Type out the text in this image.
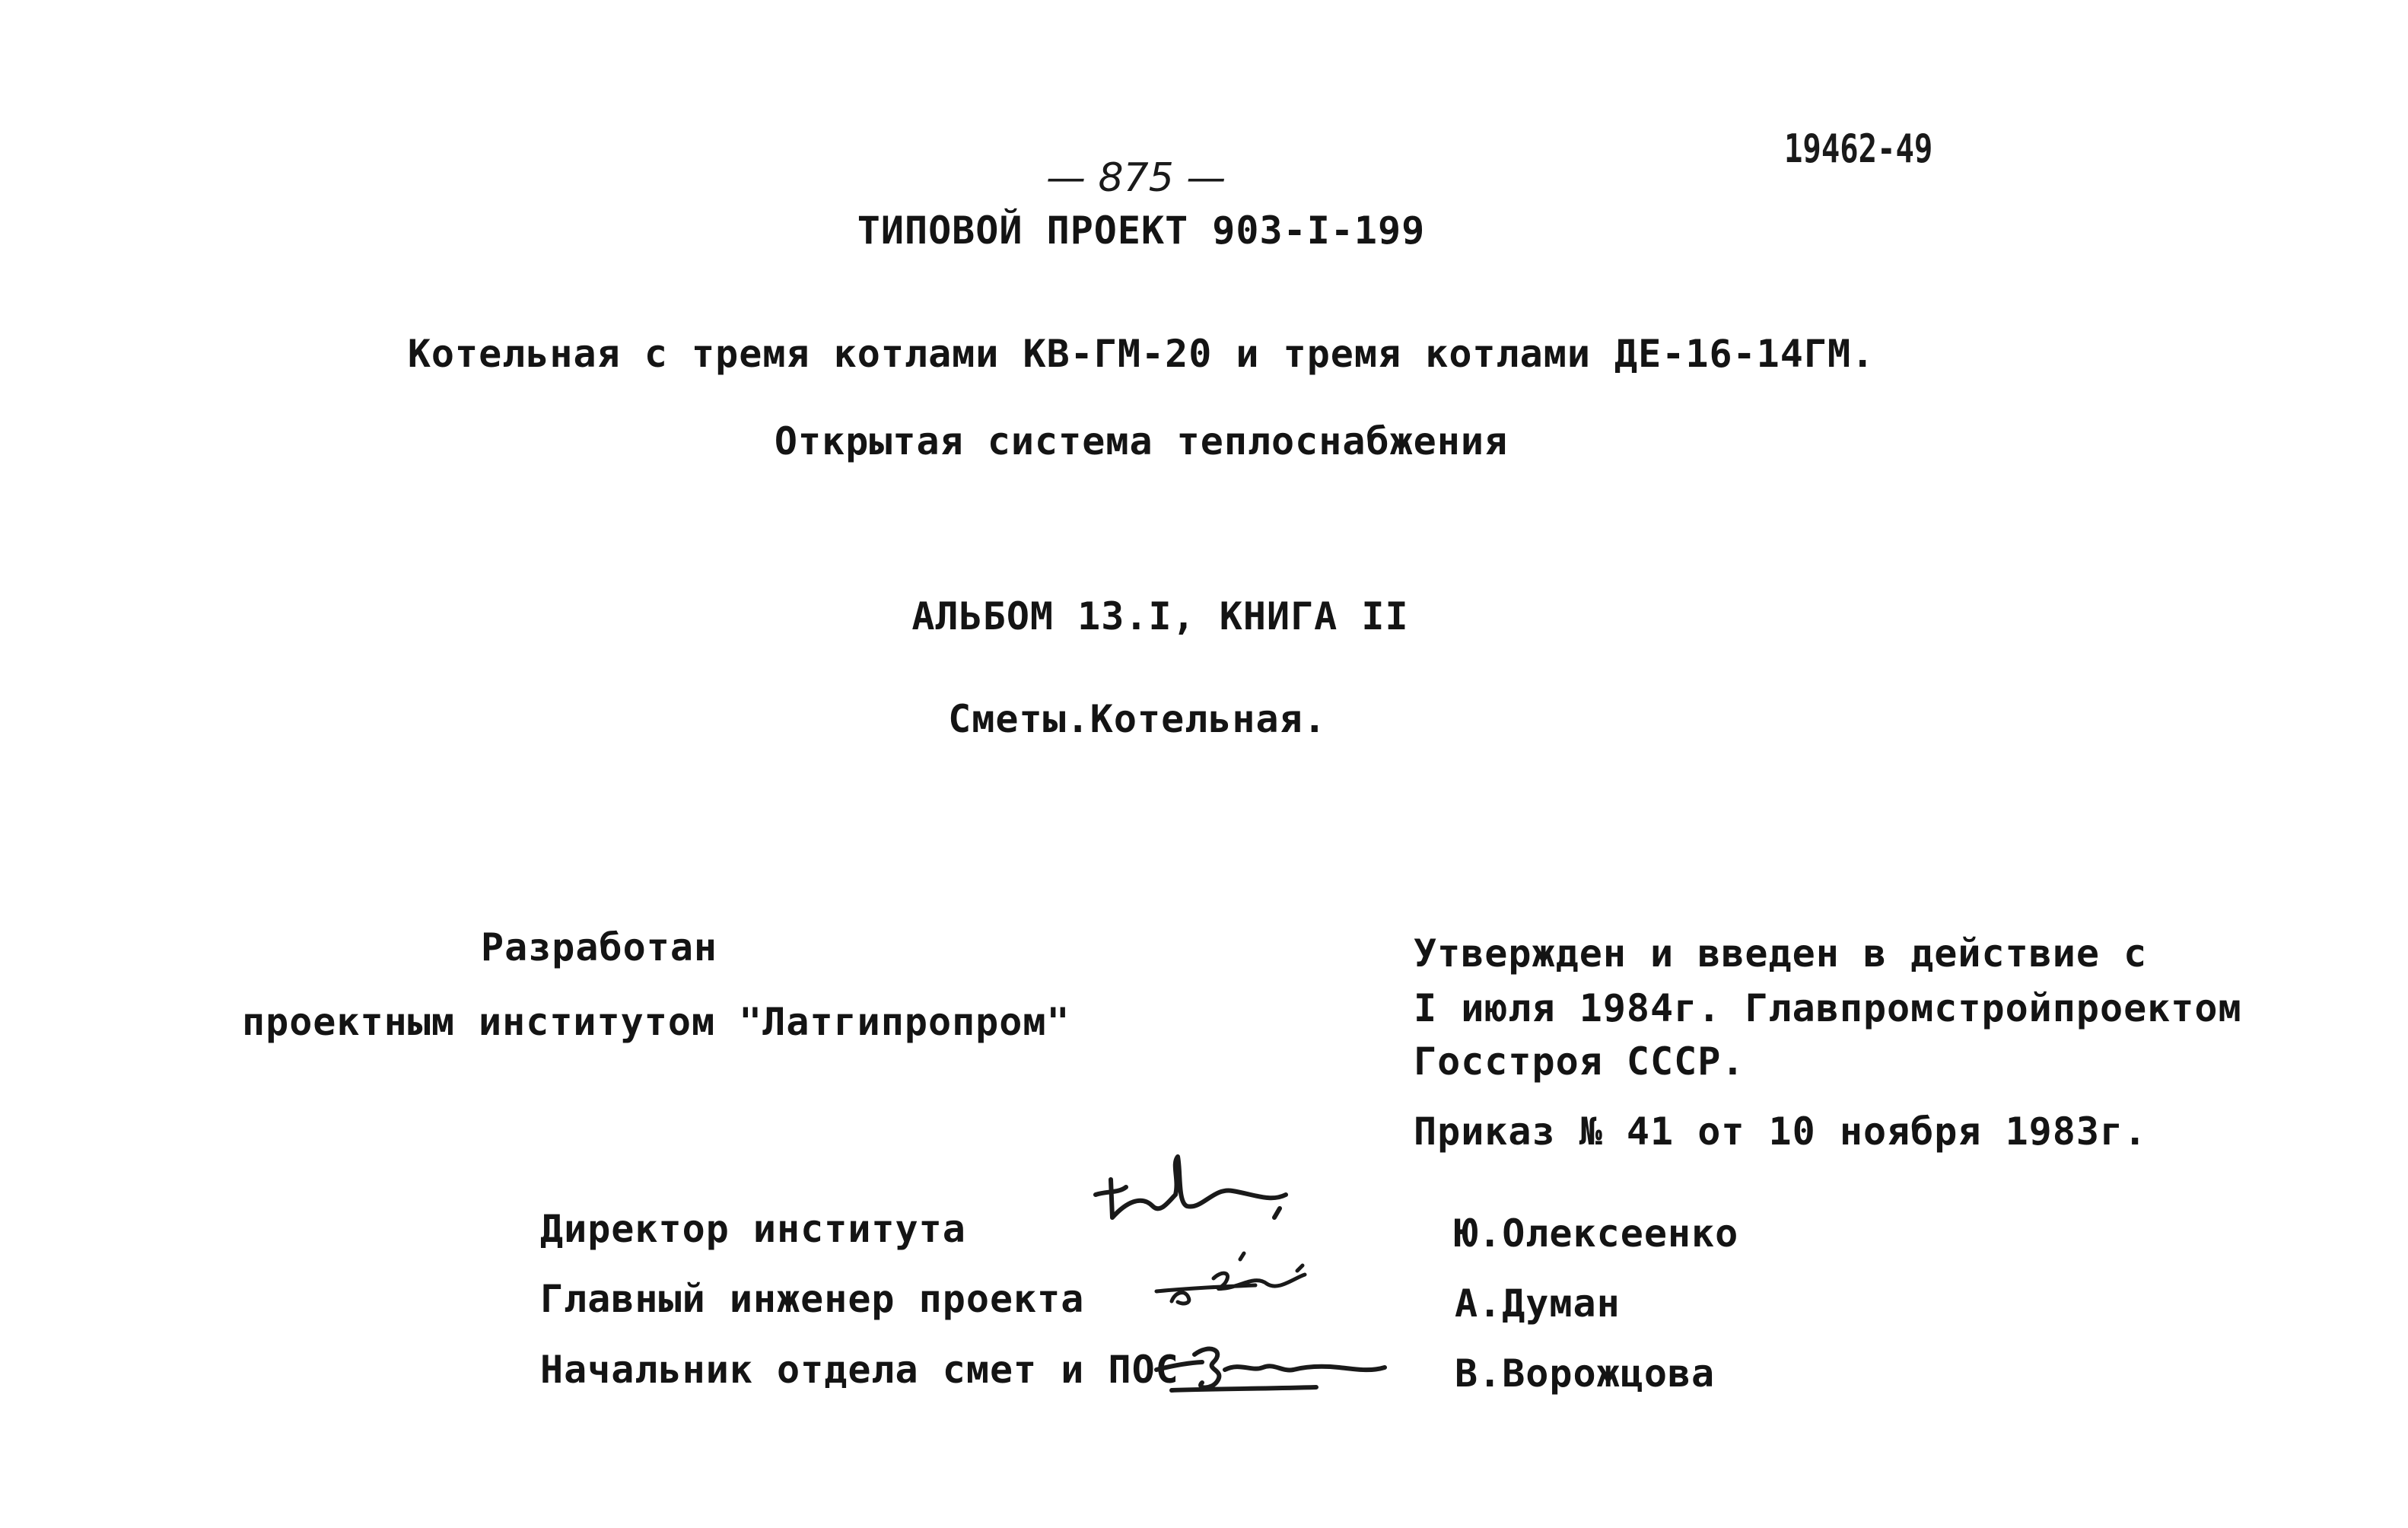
— 875 —
19462-49
ТИПОВОЙ ПРОЕКТ 903-I-199
Котельная с тремя котлами КВ-ГМ-20 и тремя котлами ДЕ-16-14ГМ.
Открытая система теплоснабжения
АЛЬБОМ 13.I, КНИГА II
Сметы.Котельная.
Разработан
проектным институтом "Латгипропром"
Утвержден и введен в действие с
I июля 1984г. Главпромстройпроектом
Госстроя СССР.
Приказ № 41 от 10 ноября 1983г.
Директор института	Ю.Олексеенко
Главный инженер проекта	А.Думан
Начальник отдела смет и ПОС	В.Ворожцова
